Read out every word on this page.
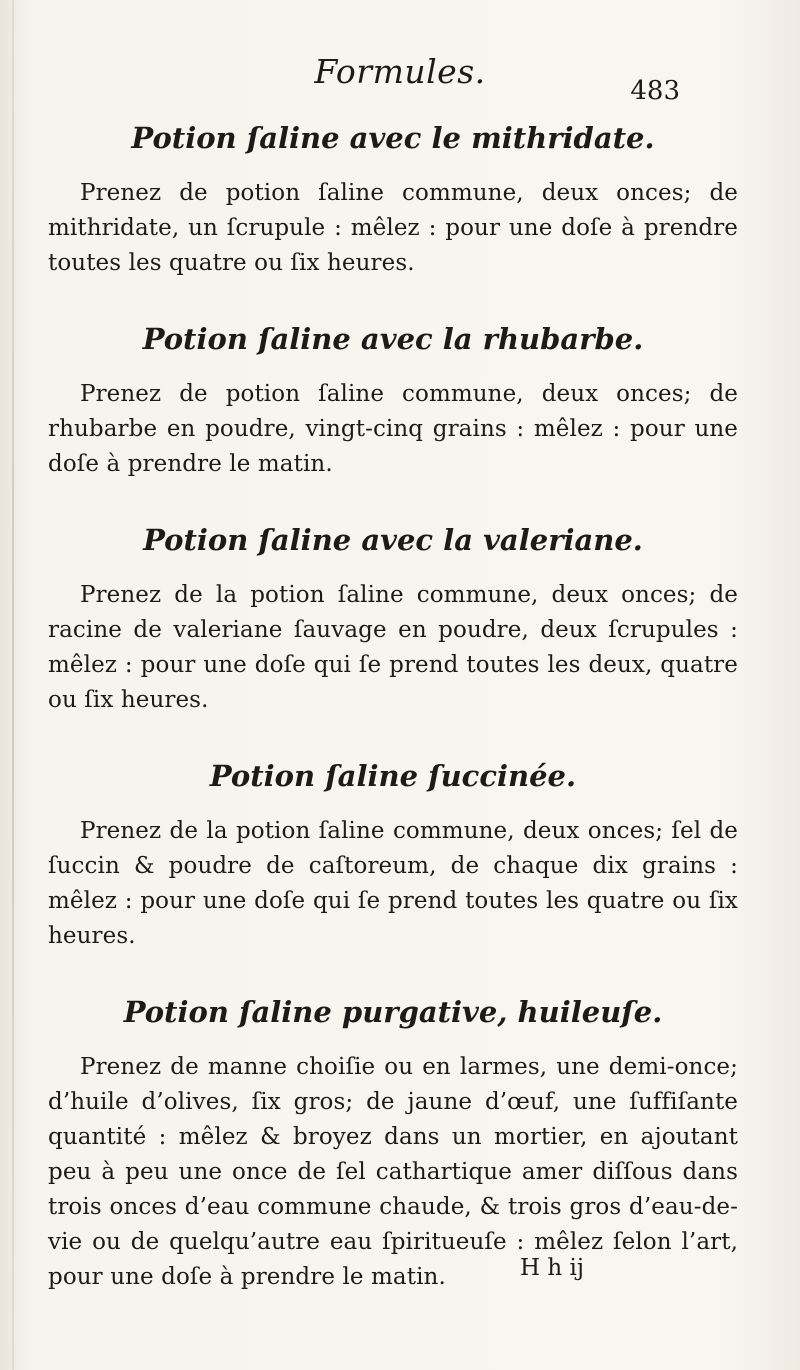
Formules.	483
Potion ſaline avec le mithridate.

Prenez de potion ſaline commune, deux onces; de mithridate, un ſcrupule : mêlez : pour une doſe à prendre toutes les quatre ou ſix heures.

Potion ſaline avec la rhubarbe.

Prenez de potion ſaline commune, deux onces; de rhubarbe en poudre, vingt-cinq grains : mêlez : pour une doſe à prendre le matin.

Potion ſaline avec la valeriane.

Prenez de la potion ſaline commune, deux onces; de racine de valeriane ſauvage en poudre, deux ſcrupules : mêlez : pour une doſe qui ſe prend toutes les deux, quatre ou ſix heures.

Potion ſaline ſuccinée.

Prenez de la potion ſaline commune, deux onces; ſel de ſuccin & poudre de caſtoreum, de chaque dix grains : mêlez : pour une doſe qui ſe prend toutes les quatre ou ſix heures.

Potion ſaline purgative, huileuſe.

Prenez de manne choiſie ou en larmes, une demi-once; d’huile d’olives, ſix gros; de jaune d’œuf, une ſuffiſante quantité : mêlez & broyez dans un mortier, en ajoutant peu à peu une once de ſel cathartique amer diſſous dans trois onces d’eau commune chaude, & trois gros d’eau-de-vie ou de quelqu’autre eau ſpiritueuſe : mêlez ſelon l’art, pour une doſe à prendre le matin.	H h ij
